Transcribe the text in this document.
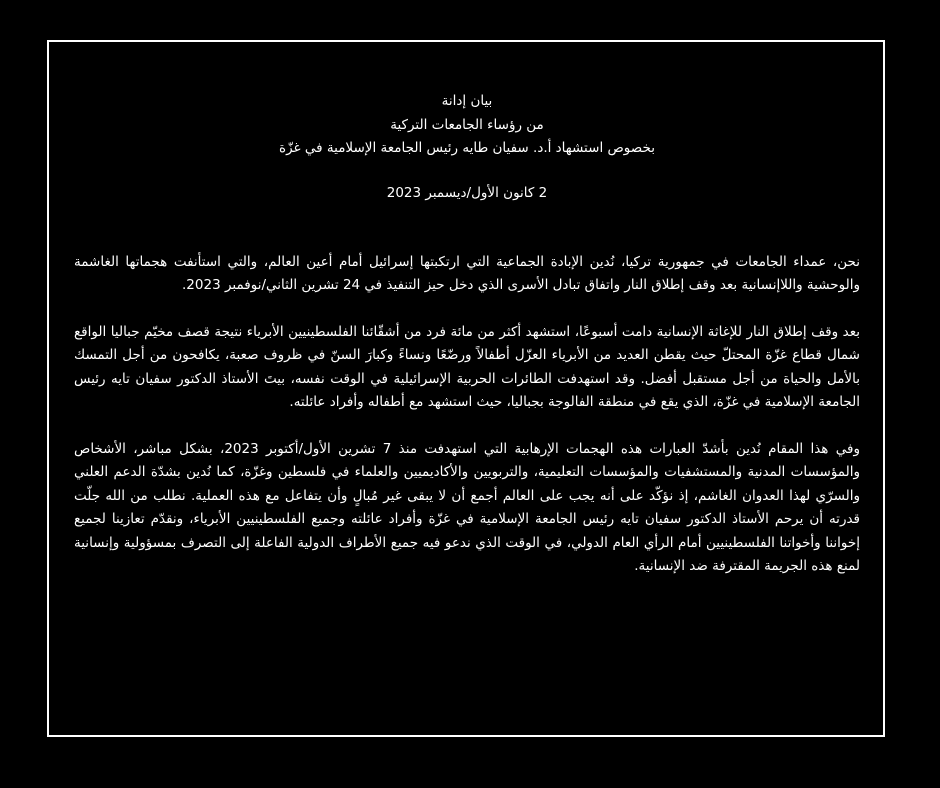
بيان إدانة
من رؤساء الجامعات التركية
بخصوص استشهاد أ.د. سفيان طايه رئيس الجامعة الإسلامية في غزّة
2 كانون الأول/ديسمبر 2023

نحن، عمداء الجامعات في جمهورية تركيا، نُدين الإبادة الجماعية التي ارتكبتها إسرائيل أمام أعين العالم، والتي استأنفت هجماتها الغاشمة والوحشية واللاإنسانية بعد وقف إطلاق النار واتفاق تبادل الأسرى الذي دخل حيز التنفيذ في 24 تشرين الثاني/نوفمبر 2023.

بعد وقف إطلاق النار للإغاثة الإنسانية دامت أسبوعًا، استشهد أكثر من مائة فرد من أشقّائنا الفلسطينيين الأبرياء نتيجة قصف مخيّم جباليا الواقع شمال قطاع غزّة المحتلّ حيث يقطن العديد من الأبرياء العزّل أطفالاً ورضّعًا ونساءً وكبارَ السنّ في ظروف صعبة، يكافحون من أجل التمسك بالأمل والحياة من أجل مستقبل أفضل. وقد استهدفت الطائرات الحربية الإسرائيلية في الوقت نفسه، بيتَ الأستاذ الدكتور سفيان تايه رئيس الجامعة الإسلامية في غزّة، الذي يقع في منطقة الفالوجة بجباليا، حيث استشهد مع أطفاله وأفراد عائلته.

وفي هذا المقام نُدين بأشدّ العبارات هذه الهجمات الإرهابية التي استهدفت منذ 7 تشرين الأول/أكتوبر 2023، بشكل مباشر، الأشخاص والمؤسسات المدنية والمستشفيات والمؤسسات التعليمية، والتربويين والأكاديميين والعلماء في فلسطين وغزّة، كما نُدين بشدّة الدعم العلني والسرّي لهذا العدوان الغاشم، إذ نؤكّد على أنه يجب على العالم أجمع أن لا يبقى غير مُبالٍ وأن يتفاعل مع هذه العملية. نطلب من الله جلّت قدرته أن يرحم الأستاذ الدكتور سفيان تايه رئيس الجامعة الإسلامية في غزّة وأفراد عائلته وجميع الفلسطينيين الأبرياء، ونقدّم تعازينا لجميع إخواننا وأخواتنا الفلسطينيين أمام الرأي العام الدولي، في الوقت الذي ندعو فيه جميع الأطراف الدولية الفاعلة إلى التصرف بمسؤولية وإنسانية لمنع هذه الجريمة المقترفة ضد الإنسانية.
